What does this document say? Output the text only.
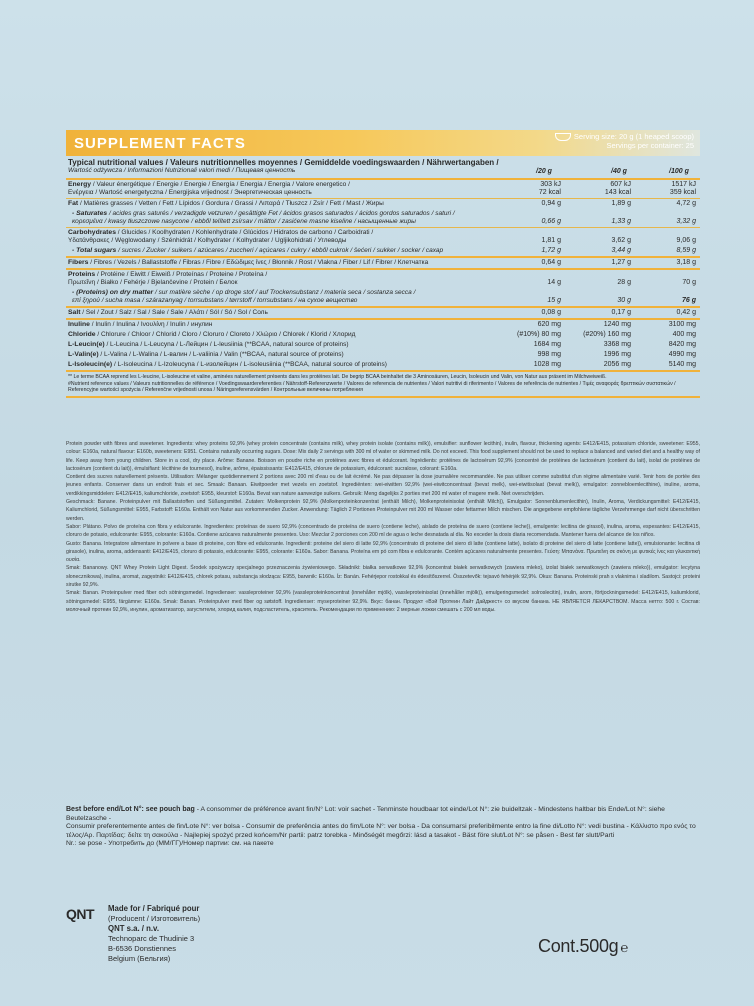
SUPPLEMENT FACTS	Serving size: 20 g (1 heaped scoop)
Servings per container: 25
Typical nutritional values / Valeurs nutritionnelles moyennes / Gemiddelde voedingswaarden / Nährwertangaben /
Wartość odżywcza / Informazioni Nutrizionali valori medi / Пищевая ценность	/20 g	/40 g	/100 g
Energy / Valeur énergétique / Energie / Energie / Energía / Energia / Energia / Valore energetico /
Ενέργεια / Wartość energetyczna / Energijska vrijednost / Энергетическая ценность
303 kJ	607 kJ	1517 kJ
72 kcal	143 kcal	359 kcal
Fat / Matières grasses / Vetten / Fett / Lípidos / Gordura / Grassi / Λιπαρά / Tłuszcz / Zsír / Fett / Mast / Жиры	0,94 g	1,89 g	4,72 g
- Saturates / acides gras saturés / verzadigde vetzuren / gesättigte Fet / ácidos grasos saturados / ácidos gordos saturados / saturi /
κορεσμένα / kwasy tłuszczowe nasycone / ebből telített zsírsav / mättor / zasićene masne kiseline / насыщенные жиры	0,66 g	1,33 g	3,32 g
Carbohydrates / Glucides / Koolhydraten / Kohlenhydrate / Glúcidos / Hidratos de carbono / Carboidrati /
Υδατάνθρακες / Węglowodany / Szénhidrát / Kolhydrater / Kolhydrater / Ugljikohidrati / Углеводы	1,81 g	3,62 g	9,06 g
- Total sugars / sucres / Zucker / suikers / azúcares / zuccheri / açúcares / cukry / ebből cukrok / šećeri / sukker / socker / сахар	1,72 g	3,44 g	8,59 g
Fibers / Fibres / Vezels / Ballaststoffe / Fibras / Fibre / Εδώδιμες ίνες / Błonnik / Rost / Vlakna / Fiber / Lif / Fibrer / Клетчатка	0,64 g	1,27 g	3,18 g
Proteins / Protéine / Eiwitt / Eiweiß / Proteínas / Proteine / Proteína /
Πρωτεΐνη / Białko / Fehérje / Bjelančevine / Protein / Белок	14 g	28 g	70 g
- (Proteins) on dry matter / sur matière sèche / op droge stof / auf Trockensubstanz / materia seca / sostanza secca /
επί ξηρού / sucha masa / szárazanyag / torrsubstans / tørrstoff / torrsubstans / на сухое вещество	15 g	30 g	76 g
Salt / Sel / Zout / Salz / Sal / Sale / Sale / Αλάτι / Sól / Só / Sol / Соль	0,08 g	0,17 g	0,42 g
Inuline / Inulin / Inulina / Ινουλίνη / Inulin / инулин	620 mg	1240 mg	3100 mg
Chloride / Chlorure / Chloor / Chlorid / Cloro / Cloruro / Cloreto / Χλώριο / Chlorek / Klorid / Хлорид	(#10%) 80 mg	(#20%) 160 mg	400 mg
L-Leucin(e) / L-Leucina / L-Leucyna / L-Лейцин / L-leusiinia (**BCAA, natural source of proteins)	1684 mg	3368 mg	8420 mg
L-Valin(e) / L-Valina / L-Walina / L-валин / L-valiinia / Valin (**BCAA, natural source of proteins)	998 mg	1996 mg	4990 mg
L-Isoleucin(e) / L-Isoleucina / L-Izoleucyna / L-изолейцин / L-isoleusiinia (**BCAA, natural source of proteins)	1028 mg	2056 mg	5140 mg
** Le terme BCAA reprend les L-leucine, L-isoleucine et valine, aminées naturellement présents dans les protéines lait. De begrip BCAA beinhaltet die 3 Aminosäuren, Leucin, Isoleucin und Valin, von Natur aus präsent im Milchweiweiß.
#Nutrient reference values / Valeurs nutritionnelles de référence / Voedingswaardereferenties / Nährstoff-Referenzwerte / Valores de referencia de nutrientes / Valori nutritivi di riferimento / Valores de referência de nutrientes / Τιμές αναφοράς θρεπτικών συστατικών / Referencyjne wartości spożycia / Referenčne vrijednosti unosa / Näringsreferensvärden / Контрольные величины потребления
Protein powder with fibres and sweetener. Ingredients: whey proteins 92,9% (whey protein concentrate (contains milk), whey protein isolate (contains milk)), emulsifier: sunflower lecithin), inulin, flavour, thickening agents: E412/E415, potassium chloride, sweetener: E955, colour: E160a, natural flavour: E160b, sweeteners: E951. Contains naturally occurring sugars. Dose: Mix daily 2 servings with 300 ml of water or skimmed milk. Do not exceed. This food supplement should not be used to replace a balanced and varied diet and a healthy way of life. Keep away from young children. Store in a cool, dry place. Arôme: Banane. Boisson en poudre riche en protéines avec fibres et édulcorant. Ingrédients: protéines de lactosérum 92,9% (concentré de protéines de lactosérum (contient du lait), isolat de protéines de lactosérum (contient du lait)), émulsifiant: lécithine de tournesol), inuline, arôme, épaississants: E412/E415, chlorure de potassium, édulcorant: sucralose, colorant: E160a.
Contient des sucres naturellement présents. Utilisation: Mélanger quotidiennement 2 portions avec 200 ml d'eau ou de lait écrémé. Ne pas dépasser la dose journalière recommandée. Ne pas utiliser comme substitut d'un régime alimentaire varié. Tenir hors de portée des jeunes enfants. Conserver dans un endroit frais et sec. Smaak: Banaan. Eiwitpoeder met vezels en zoetstof. Ingrediënten: wei-eiwitten 92,9% (wei-eiwitconcentraat (bevat melk), wei-eiwitisolaat (bevat melk)), emulgator: zonnebloemlecithine), inuline, aroma, verdikkingsmiddelen: E412/E415, kaliumchloride, zoetstof: E955, kleurstof: E160a. Bevat van nature aanwezige suikers. Gebruik: Meng dagelijks 2 porties met 200 ml water of magere melk. Niet overschrijden.
Geschmack: Banane. Proteinpulver mit Ballaststoffen und Süßungsmittel. Zutaten: Molkenprotein 92,9% (Molkenproteinkonzentrat (enthält Milch), Molkenproteinisolat (enthält Milch)), Emulgator: Sonnenblumenlecithin), Inulin, Aroma, Verdickungsmittel: E412/E415, Kaliumchlorid, Süßungsmittel: E955, Farbstoff: E160a. Enthält von Natur aus vorkommenden Zucker. Anwendung: Täglich 2 Portionen Proteinpulver mit 200 ml Wasser oder fettarmer Milch mischen. Die angegebene empfohlene tägliche Verzehrmenge darf nicht überschritten werden.
Sabor: Plátano. Polvo de proteína con fibra y edulcorante. Ingredientes: proteínas de suero 92,9% (concentrado de proteína de suero (contiene leche), aislado de proteína de suero (contiene leche)), emulgente: lecitina de girasol), inulina, aroma, espesantes: E412/E415, cloruro de potasio, edulcorante: E955, colorante: E160a. Contiene azúcares naturalmente presentes. Uso: Mezclar 2 porciones con 200 ml de agua o leche desnatada al día. No exceder la dosis diaria recomendada. Mantener fuera del alcance de los niños.
Gusto: Banana. Integratore alimentare in polvere a base di proteine, con fibre ed edulcorante. Ingredienti: proteine del siero di latte 92,9% (concentrato di proteine del siero di latte (contiene latte), isolato di proteine del siero di latte (contiene latte)), emulsionante: lecitina di girasolе), inulina, aroma, addensanti: E412/E415, cloruro di potassio, edulcorante: E955, colorante: E160a. Sabor: Banana. Proteína em pó com fibra e edulcorante. Contém açúcares naturalmente presentes. Γεύση: Μπανάνα. Πρωτεΐνη σε σκόνη με φυτικές ίνες και γλυκαντική ουσία.
Smak: Bananowy. QNT Whey Protein Light Digest. Środek spożywczy specjalnego przeznaczenia żywieniowego. Składniki: białka serwatkowe 92,9% (koncentrat białek serwatkowych (zawiera mleko), izolat białek serwatkowych (zawiera mleko)), emulgator: lecytyna słonecznikowa), inulina, aromat, zagęstniki: E412/E415, chlorek potasu, substancja słodząca: E955, barwnik: E160a. Íz: Banán. Fehérjepor rostokkal és édesítőszerrel. Összetevők: tejsavó fehérjék 92,9%. Okus: Banana. Proteinski prah s vlaknima i sladilom. Sastojci: proteini sirutke 92,9%.
Smak: Banan. Proteinpulver med fiber och sötningsmedel. Ingredienser: vassleproteiner 92,9% (vassleproteinkoncentrat (innehåller mjölk), vassleproteinisolat (innehåller mjölk)), emulgeringsmedel: solroslecitin), inulin, arom, förtjockningsmedel: E412/E415, kaliumklorid, sötningsmedel: E955, färgämne: E160a. Smak: Banan. Proteinpulver med fiber og søtstoff. Ingredienser: myseproteiner 92,9%. Вкус: банан. Продукт «Вэй Протеин Лайт Дайджест» со вкусом банана. НЕ ЯВЛЯЕТСЯ ЛЕКАРСТВОМ. Масса нетто: 500 г. Состав: молочный протеин 92,9%, инулин, ароматизатор, загустители, хлорид калия, подсластитель, краситель. Рекомендации по применению: 2 мерные ложки смешать с 200 мл воды.
Best before end/Lot N°: see pouch bag - A consommer de préférence avant fin/N° Lot: voir sachet - Tenminste houdbaar tot einde/Lot N°: zie buideltzak - Mindestens haltbar bis Ende/Lot N°: siehe Beutelzasche -
Consumir preferentemente antes de fin/Lote N°: ver bolsa - Consumir de preferência antes do fim/Lote N°: ver bolsa - Da consumarsi preferibilmente entro la fine di/Lotto N°: vedi bustina - Κάλλιστο προ ενός το
τέλος/Αρ. Παρτίδας: δείτε τη σακούλα - Najlepiej spożyć przed końcem/Nr partii: patrz torebka - Minőségét megőrzi: lásd a tasakot - Bäst före slut/Lot N°: se påsen - Best før slutt/Parti
Nr.: se pose - Употребить до (ММ/ГГ)/Номер партии: см. на пакете
QNT Made for / Fabriqué pour
(Producent / Изготовитель)
QNT s.a. / n.v.
Technoparc de Thudinie 3
B-6536 Donstiennes
Belgium (Бельгия)
Cont.500g ℮
